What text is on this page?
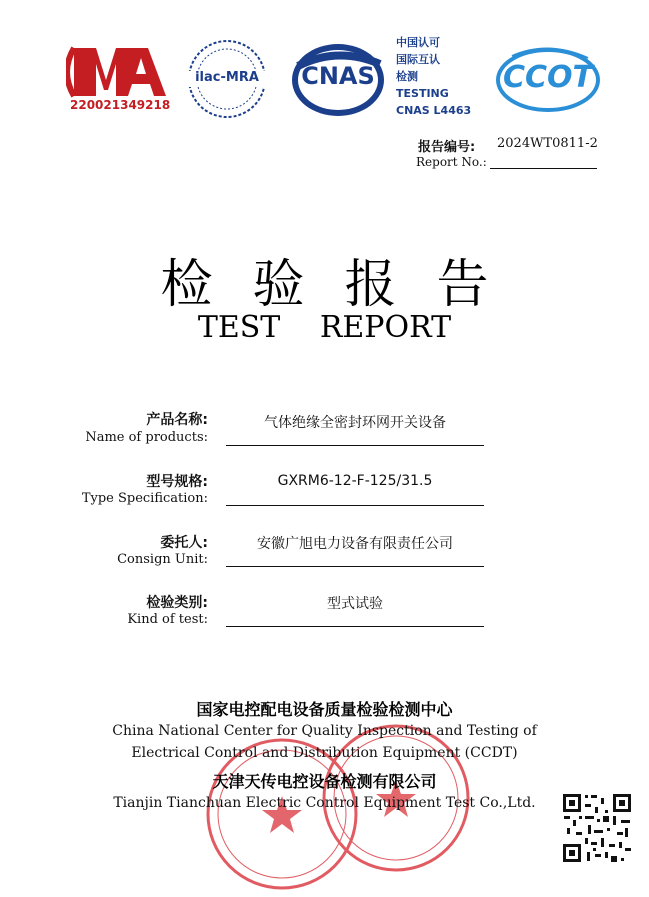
220021349218
ilac-MRA	CNAS
中国认可
国际互认
检测
TESTING
CNAS L4463
CCOT
报告编号: 2024WT0811-2
Report No.:
检验报告
TEST REPORT
产品名称:
Name of products:
气体绝缘全密封环网开关设备
型号规格:
Type Specification:
GXRM6-12-F-125/31.5
委托人:
Consign Unit:
安徽广旭电力设备有限责任公司
检验类别:
Kind of test:
型式试验
国家电控配电设备质量检验检测中心
China National Center for Quality Inspection and Testing of
Electrical Control and Distribution Equipment (CCDT)
天津天传电控设备检测有限公司
Tianjin Tianchuan Electric Control Equipment Test Co.,Ltd.
